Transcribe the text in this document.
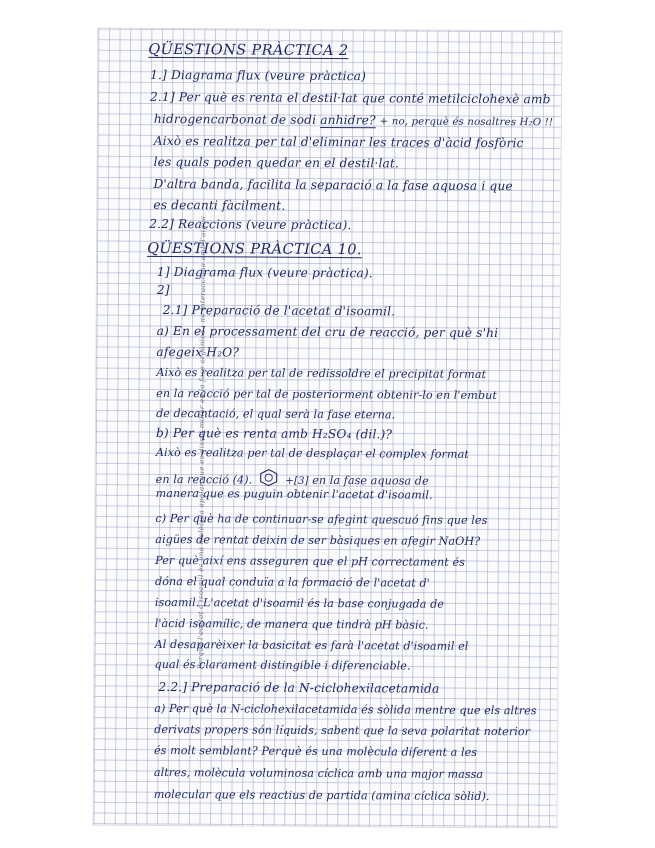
Perquè l'acetat d'isoamil ès una molècula apolar que es dissol millor en la fase orgànica i no interacciona amb l'aigua
QÜESTIONS PRÀCTICA 2
1.] Diagrama flux (veure pràctica)
2.1] Per què es renta el destil·lat que conté metilciclohexè amb
hidrogencarbonat de sodi anhidre? + no, perquè és nosaltres H₂O !!
Això es realitza per tal d'eliminar les traces d'àcid fosfòric
les quals poden quedar en el destil·lat.
D'altra banda, facilita la separació a la fase aquosa i que
es decanti fàcilment.
2.2] Reaccions (veure pràctica).
QÜESTIONS PRÀCTICA 10.
1] Diagrama flux (veure pràctica).
2]
2.1] Preparació de l'acetat d'isoamil.
a) En el processament del cru de reacció, per què s'hi
afegeix H₂O?
Això es realitza per tal de redissoldre el precipitat format
en la reacció per tal de posteriorment obtenir-lo en l'embut
de decantació, el qual serà la fase eterna.
b) Per què es renta amb H₂SO₄ (dil.)?
Això es realitza per tal de desplaçar el complex format
en la reacció (4).	+[3] en la fase aquosa de
manera que es puguin obtenir l'acetat d'isoamil.
c) Per què ha de continuar-se afegint quescuó fins que les
aigües de rentat deixin de ser bàsiques en afegir NaOH?
Per què així ens asseguren que el pH correctament és
dóna el qual conduïa a la formació de l'acetat d'
isoamil. L'acetat d'isoamil és la base conjugada de
l'àcid isoamílic, de manera que tindrà pH bàsic.
Al desaparèixer la basicitat es farà l'acetat d'isoamil el
qual és clarament distingible i diferenciable.
2.2.] Preparació de la N-ciclohexilacetamida
a) Per què la N-ciclohexilacetamida és sòlida mentre que els altres
derivats propers són líquids, sabent que la seva polaritat noterior
és molt semblant? Perquè és una molècula diferent a les
altres, molècula voluminosa cíclica amb una major massa
molecular que els reactius de partida (amina cíclica sòlid).
